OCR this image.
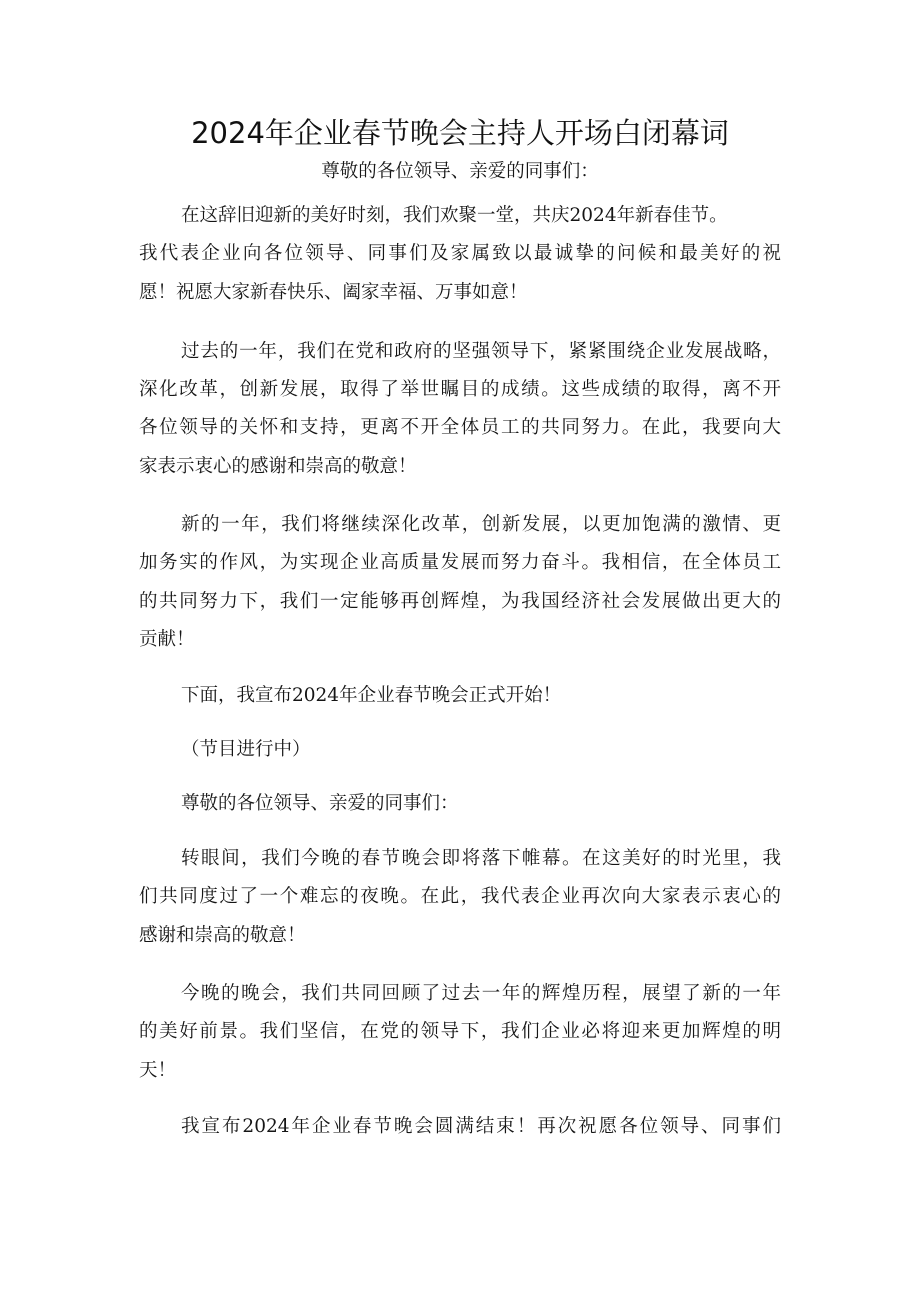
2024年企业春节晚会主持人开场白闭幕词

尊敬的各位领导、亲爱的同事们：

在这辞旧迎新的美好时刻，我们欢聚一堂，共庆2024年新春佳节。

我代表企业向各位领导、同事们及家属致以最诚挚的问候和最美好的祝

愿！祝愿大家新春快乐、阖家幸福、万事如意！

过去的一年，我们在党和政府的坚强领导下，紧紧围绕企业发展战略，

深化改革，创新发展，取得了举世瞩目的成绩。这些成绩的取得，离不开

各位领导的关怀和支持，更离不开全体员工的共同努力。在此，我要向大

家表示衷心的感谢和崇高的敬意！

新的一年，我们将继续深化改革，创新发展，以更加饱满的激情、更

加务实的作风，为实现企业高质量发展而努力奋斗。我相信，在全体员工

的共同努力下，我们一定能够再创辉煌，为我国经济社会发展做出更大的

贡献！

下面，我宣布2024年企业春节晚会正式开始！

（节目进行中）

尊敬的各位领导、亲爱的同事们：

转眼间，我们今晚的春节晚会即将落下帷幕。在这美好的时光里，我

们共同度过了一个难忘的夜晚。在此，我代表企业再次向大家表示衷心的

感谢和崇高的敬意！

今晚的晚会，我们共同回顾了过去一年的辉煌历程，展望了新的一年

的美好前景。我们坚信，在党的领导下，我们企业必将迎来更加辉煌的明

天！

我宣布2024年企业春节晚会圆满结束！再次祝愿各位领导、同事们
